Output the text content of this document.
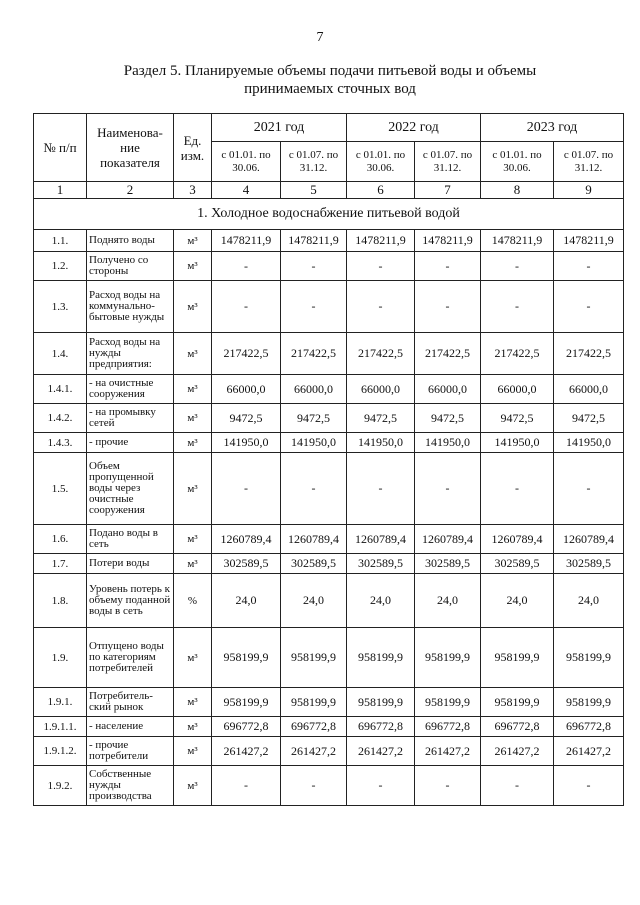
7
Раздел 5. Планируемые объемы подачи питьевой воды и объемы
принимаемых сточных вод
№ п/п	Наименова-ние показателя	Ед. изм.	2021 год		2022 год		2023 год	
			с 01.01. по 30.06.	с 01.07. по 31.12.	с 01.01. по 30.06.	с 01.07. по 31.12.	с 01.01. по 30.06.	с 01.07. по 31.12.
1	2	3	4	5	6	7	8	9
1. Холодное водоснабжение питьевой водой								
1.1.	Поднято воды	м³	1478211,9	1478211,9	1478211,9	1478211,9	1478211,9	1478211,9
1.2.	Получено со стороны	м³	-	-	-	-	-	-
1.3.	Расход воды на коммунально-бытовые нужды	м³	-	-	-	-	-	-
1.4.	Расход воды на нужды предприятия:	м³	217422,5	217422,5	217422,5	217422,5	217422,5	217422,5
1.4.1.	- на очистные сооружения	м³	66000,0	66000,0	66000,0	66000,0	66000,0	66000,0
1.4.2.	- на промывку сетей	м³	9472,5	9472,5	9472,5	9472,5	9472,5	9472,5
1.4.3.	- прочие	м³	141950,0	141950,0	141950,0	141950,0	141950,0	141950,0
1.5.	Объем пропущенной воды через очистные сооружения	м³	-	-	-	-	-	-
1.6.	Подано воды в сеть	м³	1260789,4	1260789,4	1260789,4	1260789,4	1260789,4	1260789,4
1.7.	Потери воды	м³	302589,5	302589,5	302589,5	302589,5	302589,5	302589,5
1.8.	Уровень потерь к объему поданной воды в сеть	%	24,0	24,0	24,0	24,0	24,0	24,0
1.9.	Отпущено воды по категориям потребителей	м³	958199,9	958199,9	958199,9	958199,9	958199,9	958199,9
1.9.1.	Потребитель-ский рынок	м³	958199,9	958199,9	958199,9	958199,9	958199,9	958199,9
1.9.1.1.	- население	м³	696772,8	696772,8	696772,8	696772,8	696772,8	696772,8
1.9.1.2.	- прочие потребители	м³	261427,2	261427,2	261427,2	261427,2	261427,2	261427,2
1.9.2.	Собственные нужды производства	м³	-	-	-	-	-	-
